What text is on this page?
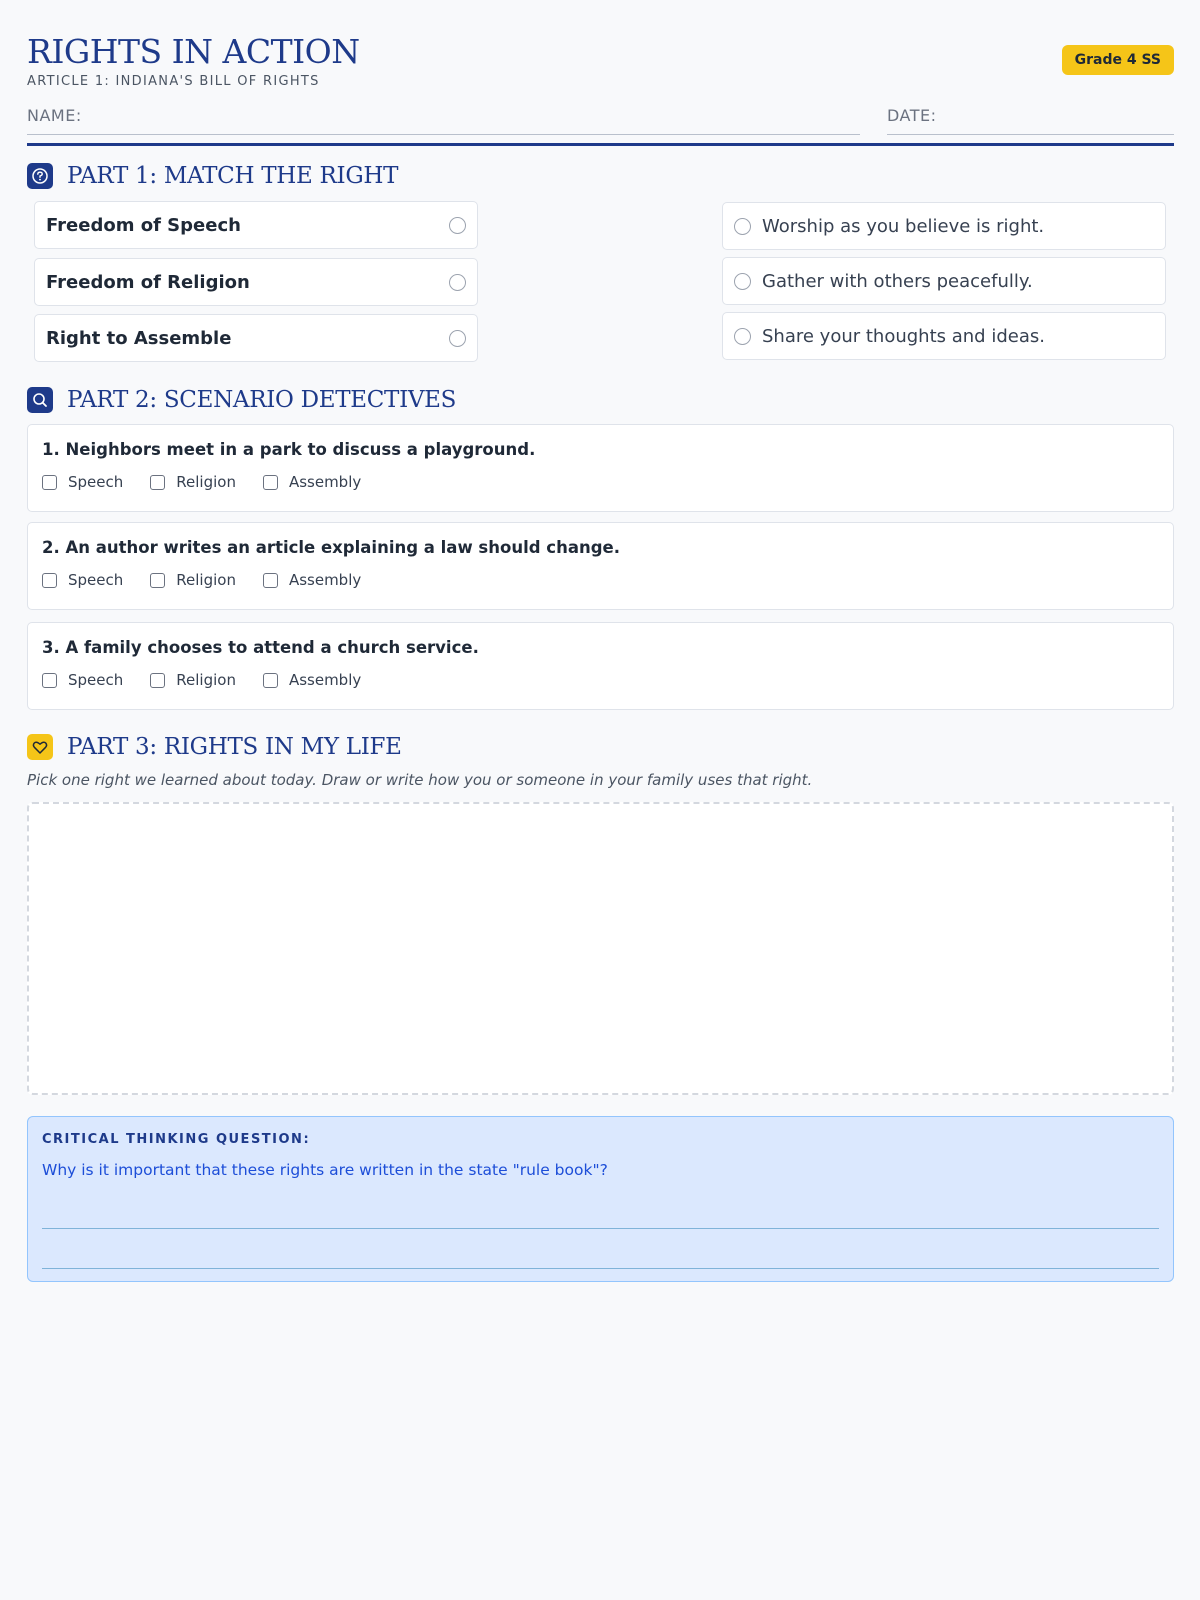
RIGHTS IN ACTION
ARTICLE 1: INDIANA'S BILL OF RIGHTS
Grade 4 SS
NAME:	DATE:
PART 1: MATCH THE RIGHT
Freedom of Speech
Freedom of Religion
Right to Assemble
Worship as you believe is right.
Gather with others peacefully.
Share your thoughts and ideas.
PART 2: SCENARIO DETECTIVES
1. Neighbors meet in a park to discuss a playground.
Speech	Religion	Assembly
2. An author writes an article explaining a law should change.
Speech	Religion	Assembly
3. A family chooses to attend a church service.
Speech	Religion	Assembly
PART 3: RIGHTS IN MY LIFE
Pick one right we learned about today. Draw or write how you or someone in your family uses that right.
CRITICAL THINKING QUESTION:
Why is it important that these rights are written in the state "rule book"?
